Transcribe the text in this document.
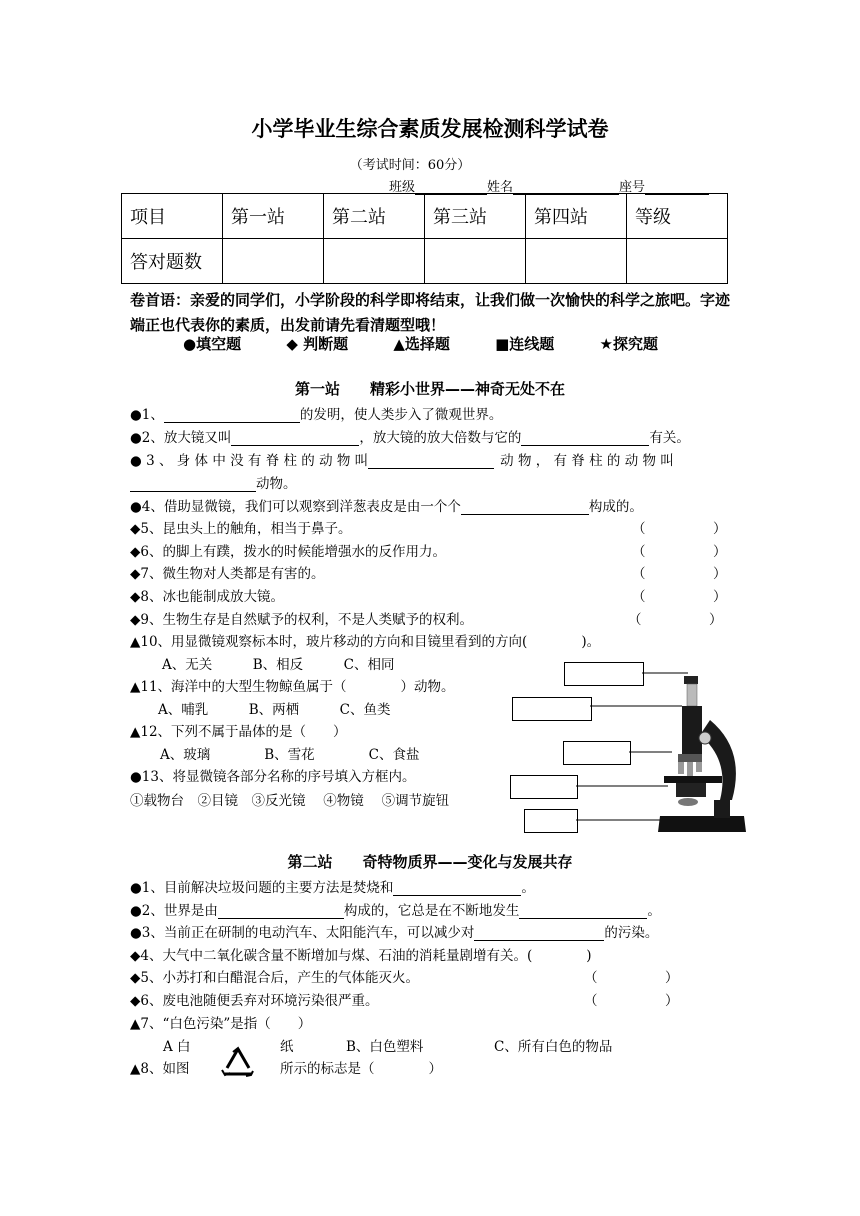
小学毕业生综合素质发展检测科学试卷
（考试时间：60分）
班级	姓名	座号
项目	第一站	第二站	第三站	第四站	等级
答对题数					
卷首语：亲爱的同学们，小学阶段的科学即将结束，让我们做一次愉快的科学之旅吧。字迹端正也代表你的素质，出发前请先看清题型哦！
●填空题	◆ 判断题	▲选择题	■连线题	★探究题
第一站　　精彩小世界——神奇无处不在
●1、	的发明，使人类步入了微观世界。
●2、放大镜又叫	，放大镜的放大倍数与它的	有关。
● 3 、 身 体 中 没 有 脊 柱 的 动 物 叫	动 物 ， 有 脊 柱 的 动 物 叫
动物。
●4、借助显微镜，我们可以观察到洋葱表皮是由一个个	构成的。
◆5、昆虫头上的触角，相当于鼻子。	（　　　　　）
◆6、的脚上有蹼，拨水的时候能增强水的反作用力。	（　　　　　）
◆7、微生物对人类都是有害的。	（　　　　　）
◆8、冰也能制成放大镜。	（　　　　　）
◆9、生物生存是自然赋予的权利，不是人类赋予的权利。	（　　　　　）
▲10、用显微镜观察标本时，玻片移动的方向和目镜里看到的方向(　　　　)。
A、无关　　　B、相反　　　C、相同
▲11、海洋中的大型生物鲸鱼属于（　　　　）动物。
A、哺乳　　　B、两栖　　　C、鱼类
▲12、下列不属于晶体的是（　　）
A、玻璃　　　　B、雪花　　　　C、食盐
●13、将显微镜各部分名称的序号填入方框内。
①载物台　②目镜　③反光镜　 ④物镜　 ⑤调节旋钮
第二站　　奇特物质界——变化与发展共存
●1、目前解决垃圾问题的主要方法是焚烧和	。
●2、世界是由	构成的，它总是在不断地发生	。
●3、当前正在研制的电动汽车、太阳能汽车，可以减少对	的污染。
◆4、大气中二氧化碳含量不断增加与煤、石油的消耗量剧增有关。(　　　　)
◆5、小苏打和白醋混合后，产生的气体能灭火。	（　　　　　）
◆6、废电池随便丢弃对环境污染很严重。	（　　　　　）
▲7、“白色污染”是指（　　）
A 白	纸	B、白色塑料	C、所有白色的物品
▲8、如图	所示的标志是（　　　　）
